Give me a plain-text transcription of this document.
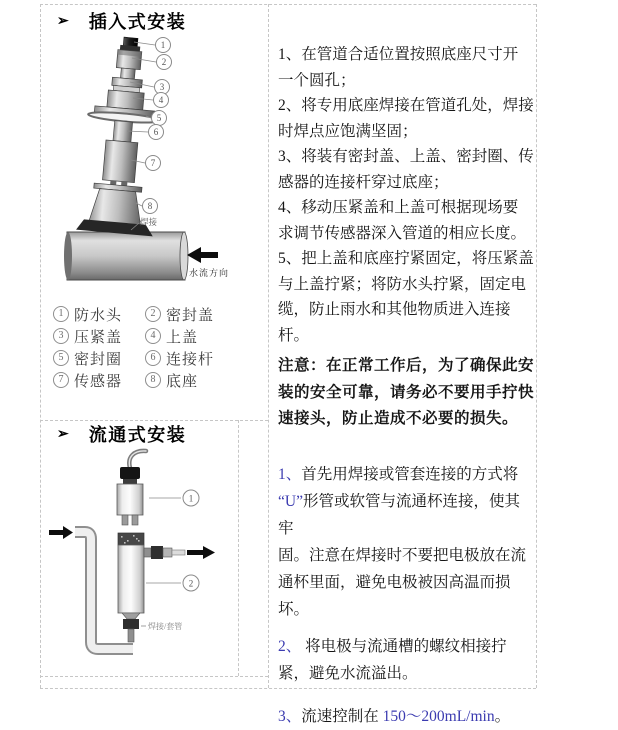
➢ 插入式安装
1
2
3
4
5
6
7
8
焊接
水流方向
1 防水头	2 密封盖
3 压紧盖	4 上盖
5 密封圈	6 连接杆
7 传感器	8 底座
1、在管道合适位置按照底座尺寸开
一个圆孔；
2、将专用底座焊接在管道孔处，焊接
时焊点应饱满坚固；
3、将装有密封盖、上盖、密封圈、传
感器的连接杆穿过底座；
4、移动压紧盖和上盖可根据现场要
求调节传感器深入管道的相应长度。
5、把上盖和底座拧紧固定，将压紧盖
与上盖拧紧；将防水头拧紧，固定电
缆，防止雨水和其他物质进入连接杆。
注意：在正常工作后，为了确保此安
装的安全可靠，请务必不要用手拧快
速接头，防止造成不必要的损失。
➢ 流通式安装
1
2
焊接/套管
1、首先用焊接或管套连接的方式将
“U”形管或软管与流通杯连接，使其牢
固。注意在焊接时不要把电极放在流
通杯里面，避免电极被因高温而损坏。
2、 将电极与流通槽的螺纹相接拧
紧，避免水流溢出。
3、流速控制在 150～200mL/min。
